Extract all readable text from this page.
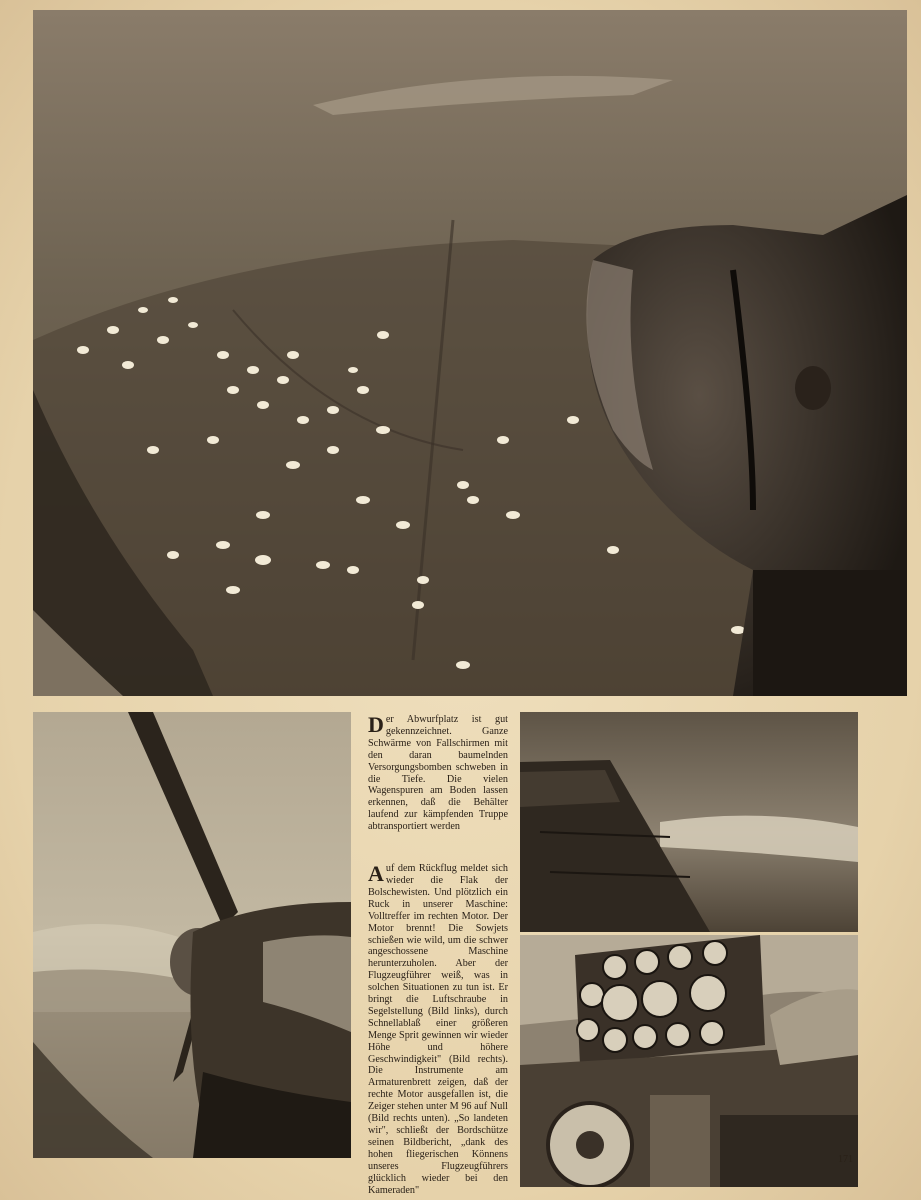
Der Abwurfplatz ist gut gekennzeichnet. Ganze Schwärme von Fallschirmen mit den daran baumelnden Versorgungsbomben schweben in die Tiefe. Die vielen Wagenspuren am Boden lassen erkennen, daß die Behälter laufend zur kämpfenden Truppe abtransportiert werden

Auf dem Rückflug meldet sich wieder die Flak der Bolschewisten. Und plötzlich ein Ruck in unserer Maschine: Volltreffer im rechten Motor. Der Motor brennt! Die Sowjets schießen wie wild, um die schwer angeschossene Maschine herunterzuholen. Aber der Flugzeugführer weiß, was in solchen Situationen zu tun ist. Er bringt die Luftschraube in Segelstellung (Bild links), durch Schnellablaß einer größeren Menge Sprit gewinnen wir wieder Höhe und höhere Geschwindigkeit" (Bild rechts). Die Instrumente am Armaturenbrett zeigen, daß der rechte Motor ausgefallen ist, die Zeiger stehen unter M 96 auf Null (Bild rechts unten). „So landeten wir", schließt der Bordschütze seinen Bildbericht, „dank des hohen fliegerischen Könnens unseres Flugzeugführers glücklich wieder bei den Kameraden"

171
